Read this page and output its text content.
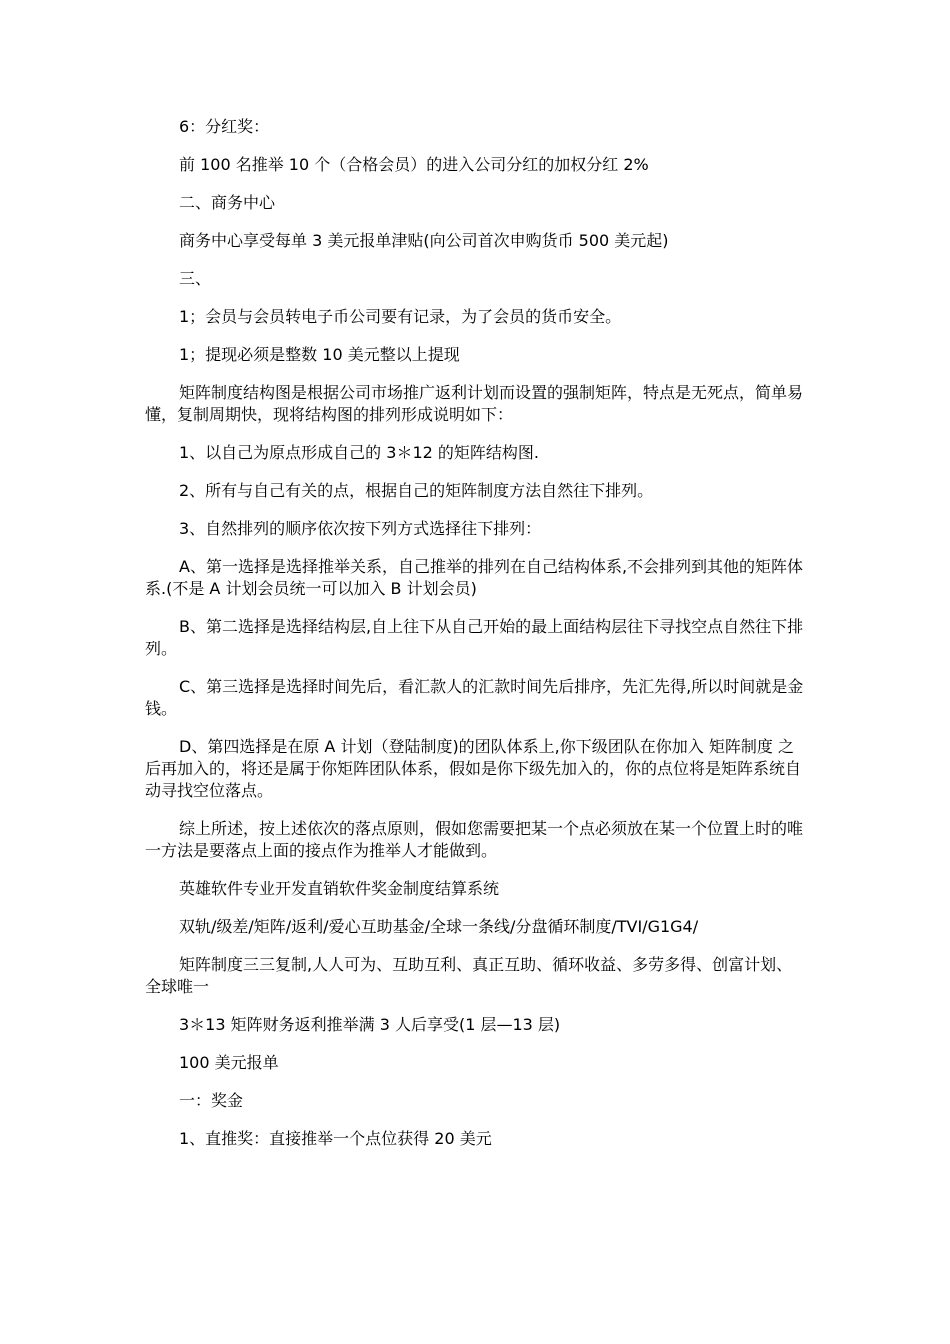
6：分红奖：

前 100 名推举 10 个（合格会员）的进入公司分红的加权分红 2%

二、商务中心

商务中心享受每单 3 美元报单津贴(向公司首次申购货币 500 美元起)

三、

1；会员与会员转电子币公司要有记录，为了会员的货币安全。

1；提现必须是整数 10 美元整以上提现

矩阵制度结构图是根据公司市场推广返利计划而设置的强制矩阵，特点是无死点，简单易懂，复制周期快，现将结构图的排列形成说明如下：

1、以自己为原点形成自己的 3＊12 的矩阵结构图.

2、所有与自己有关的点，根据自己的矩阵制度方法自然往下排列。

3、自然排列的顺序依次按下列方式选择往下排列：

A、第一选择是选择推举关系，自己推举的排列在自己结构体系,不会排列到其他的矩阵体系.(不是 A 计划会员统一可以加入 B 计划会员)

B、第二选择是选择结构层,自上往下从自己开始的最上面结构层往下寻找空点自然往下排列。

C、第三选择是选择时间先后，看汇款人的汇款时间先后排序，先汇先得,所以时间就是金钱。

D、第四选择是在原 A 计划（登陆制度)的团队体系上,你下级团队在你加入 矩阵制度 之后再加入的，将还是属于你矩阵团队体系，假如是你下级先加入的，你的点位将是矩阵系统自动寻找空位落点。

综上所述，按上述依次的落点原则，假如您需要把某一个点必须放在某一个位置上时的唯一方法是要落点上面的接点作为推举人才能做到。

英雄软件专业开发直销软件奖金制度结算系统

双轨/级差/矩阵/返利/爱心互助基金/全球一条线/分盘循环制度/TVI/G1G4/

矩阵制度三三复制,人人可为、互助互利、真正互助、循环收益、多劳多得、创富计划、全球唯一

3＊13 矩阵财务返利推举满 3 人后享受(1 层—13 层)

100 美元报单

一：奖金

1、直推奖：直接推举一个点位获得 20 美元
